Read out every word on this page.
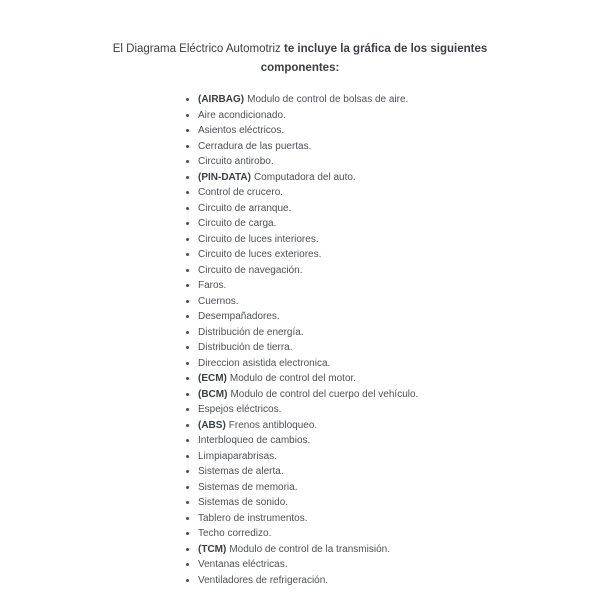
El Diagrama Eléctrico Automotriz te incluye la gráfica de los siguientes componentes:

(AIRBAG) Modulo de control de bolsas de aire.
Aire acondicionado.
Asientos eléctricos.
Cerradura de las puertas.
Circuito antirobo.
(PIN-DATA) Computadora del auto.
Control de crucero.
Circuito de arranque.
Circuito de carga.
Circuito de luces interiores.
Circuito de luces exteriores.
Circuito de navegación.
Faros.
Cuernos.
Desempañadores.
Distribución de energía.
Distribución de tierra.
Direccion asistida electronica.
(ECM) Modulo de control del motor.
(BCM) Modulo de control del cuerpo del vehículo.
Espejos eléctricos.
(ABS) Frenos antibloqueo.
Interbloqueo de cambios.
Limpiaparabrisas.
Sistemas de alerta.
Sistemas de memoria.
Sistemas de sonido.
Tablero de instrumentos.
Techo corredizo.
(TCM) Modulo de control de la transmisión.
Ventanas eléctricas.
Ventiladores de refrigeración.
